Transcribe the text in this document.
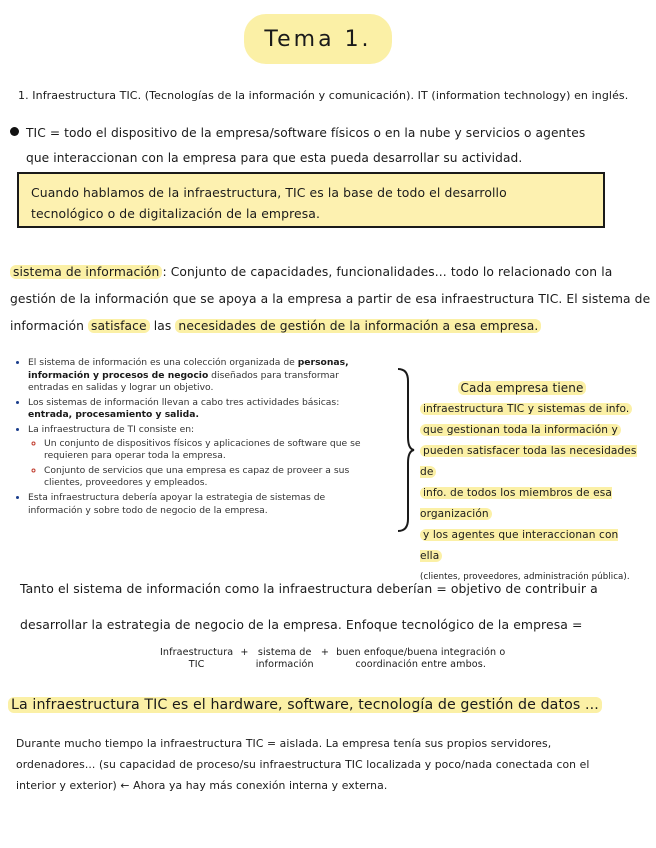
Tema 1.
1. Infraestructura TIC. (Tecnologías de la información y comunicación). IT (information technology) en inglés.
TIC = todo el dispositivo de la empresa/software físicos o en la nube y servicios o agentes
que interaccionan con la empresa para que esta pueda desarrollar su actividad.
Cuando hablamos de la infraestructura, TIC es la base de todo el desarrollo
tecnológico o de digitalización de la empresa.
sistema de información : Conjunto de capacidades, funcionalidades... todo lo relacionado con la
gestión de la información que se apoya a la empresa a partir de esa infraestructura TIC. El sistema de
información satisface las necesidades de gestión de la información a esa empresa.
• El sistema de información es una colección organizada de personas, información y procesos de negocio diseñados para transformar entradas en salidas y lograr un objetivo.
• Los sistemas de información llevan a cabo tres actividades básicas: entrada, procesamiento y salida.
• La infraestructura de TI consiste en:
◦ Un conjunto de dispositivos físicos y aplicaciones de software que se requieren para operar toda la empresa.
◦ Conjunto de servicios que una empresa es capaz de proveer a sus clientes, proveedores y empleados.
• Esta infraestructura debería apoyar la estrategia de sistemas de información y sobre todo de negocio de la empresa.
Cada empresa tiene
infraestructura TIC y sistemas de info.
que gestionan toda la información y
pueden satisfacer toda las necesidades de
info. de todos los miembros de esa organización
y los agentes que interaccionan con ella
(clientes, proveedores, administración pública).
Tanto el sistema de información como la infraestructura deberían = objetivo de contribuir a
desarrollar la estrategia de negocio de la empresa. Enfoque tecnológico de la empresa =
Infraestructura
TIC + sistema de
información + buen enfoque/buena integración o
coordinación entre ambos.
La infraestructura TIC es el hardware, software, tecnología de gestión de datos ...
Durante mucho tiempo la infraestructura TIC = aislada. La empresa tenía sus propios servidores,
ordenadores... (su capacidad de proceso/su infraestructura TIC localizada y poco/nada conectada con el
interior y exterior) ← Ahora ya hay más conexión interna y externa.
